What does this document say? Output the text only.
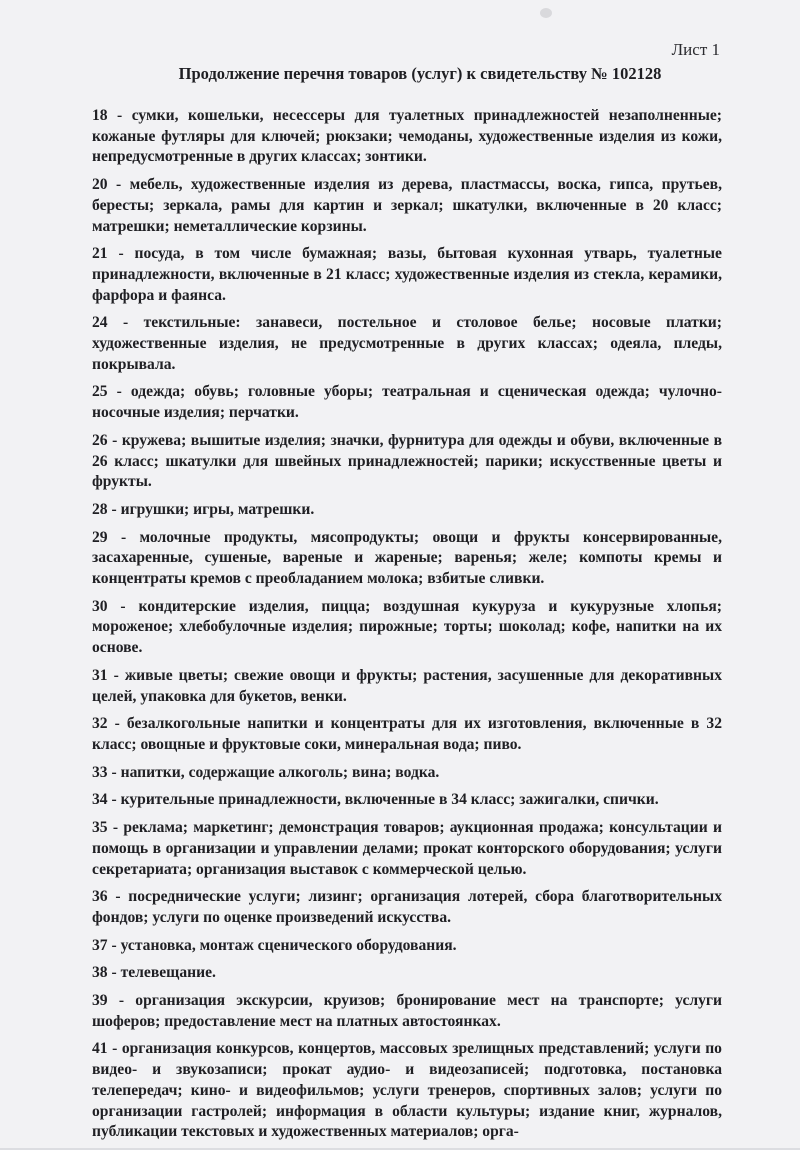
Лист 1
Продолжение перечня товаров (услуг) к свидетельству № 102128

18 - сумки, кошельки, несессеры для туалетных принадлежностей незаполненные; кожаные футляры для ключей; рюкзаки; чемоданы, художественные изделия из кожи, непредусмотренные в других классах; зонтики.

20 - мебель, художественные изделия из дерева, пластмассы, воска, гипса, прутьев, бересты; зеркала, рамы для картин и зеркал; шкатулки, включенные в 20 класс; матрешки; неметаллические корзины.

21 - посуда, в том числе бумажная; вазы, бытовая кухонная утварь, туалетные принадлежности, включенные в 21 класс; художественные изделия из стекла, керамики, фарфора и фаянса.

24 - текстильные: занавеси, постельное и столовое белье; носовые платки; художественные изделия, не предусмотренные в других классах; одеяла, пледы, покрывала.

25 - одежда; обувь; головные уборы; театральная и сценическая одежда; чулочно-носочные изделия; перчатки.

26 - кружева; вышитые изделия; значки, фурнитура для одежды и обуви, включенные в 26 класс; шкатулки для швейных принадлежностей; парики; искусственные цветы и фрукты.

28 - игрушки; игры, матрешки.

29 - молочные продукты, мясопродукты; овощи и фрукты консервированные, засахаренные, сушеные, вареные и жареные; варенья; желе; компоты кремы и концентраты кремов с преобладанием молока; взбитые сливки.

30 - кондитерские изделия, пицца; воздушная кукуруза и кукурузные хлопья; мороженое; хлебобулочные изделия; пирожные; торты; шоколад; кофе, напитки на их основе.

31 - живые цветы; свежие овощи и фрукты; растения, засушенные для декоративных целей, упаковка для букетов, венки.

32 - безалкогольные напитки и концентраты для их изготовления, включенные в 32 класс; овощные и фруктовые соки, минеральная вода; пиво.

33 - напитки, содержащие алкоголь; вина; водка.

34 - курительные принадлежности, включенные в 34 класс; зажигалки, спички.

35 - реклама; маркетинг; демонстрация товаров; аукционная продажа; консультации и помощь в организации и управлении делами; прокат конторского оборудования; услуги секретариата; организация выставок с коммерческой целью.

36 - посреднические услуги; лизинг; организация лотерей, сбора благотворительных фондов; услуги по оценке произведений искусства.

37 - установка, монтаж сценического оборудования.

38 - телевещание.

39 - организация экскурсии, круизов; бронирование мест на транспорте; услуги шоферов; предоставление мест на платных автостоянках.

41 - организация конкурсов, концертов, массовых зрелищных представлений; услуги по видео- и звукозаписи; прокат аудио- и видеозаписей; подготовка, постановка телепередач; кино- и видеофильмов; услуги тренеров, спортивных залов; услуги по организации гастролей; информация в области культуры; издание книг, журналов, публикации текстовых и художественных материалов; орга-
